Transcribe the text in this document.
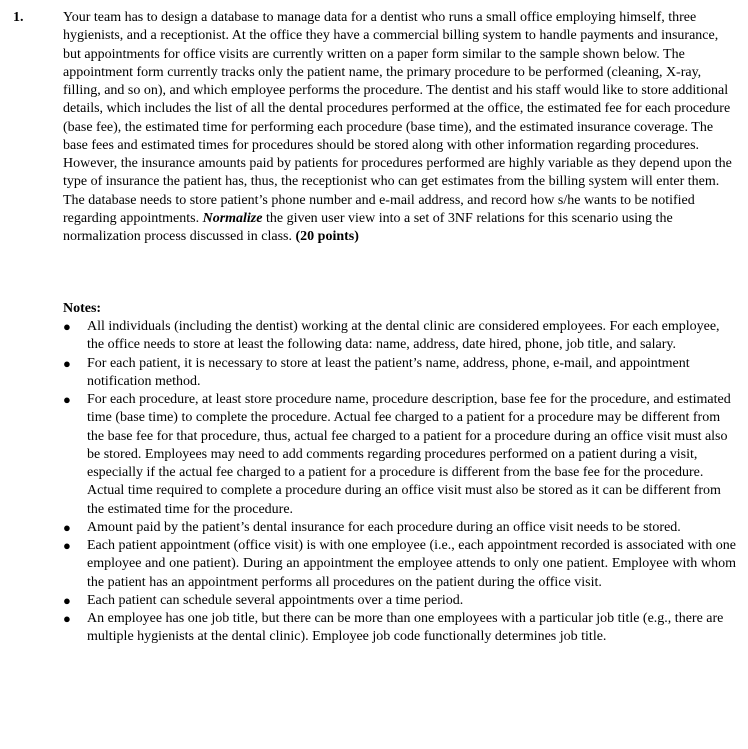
1.	Your team has to design a database to manage data for a dentist who runs a small office employing himself, three hygienists, and a receptionist. At the office they have a commercial billing system to handle payments and insurance, but appointments for office visits are currently written on a paper form similar to the sample shown below. The appointment form currently tracks only the patient name, the primary procedure to be performed (cleaning, X-ray, filling, and so on), and which employee performs the procedure. The dentist and his staff would like to store additional details, which includes the list of all the dental procedures performed at the office, the estimated fee for each procedure (base fee), the estimated time for performing each procedure (base time), and the estimated insurance coverage. The base fees and estimated times for procedures should be stored along with other information regarding procedures. However, the insurance amounts paid by patients for procedures performed are highly variable as they depend upon the type of insurance the patient has, thus, the receptionist who can get estimates from the billing system will enter them. The database needs to store patient’s phone number and e-mail address, and record how s/he wants to be notified regarding appointments. Normalize the given user view into a set of 3NF relations for this scenario using the normalization process discussed in class. (20 points)

Notes:

● All individuals (including the dentist) working at the dental clinic are considered employees. For each employee, the office needs to store at least the following data: name, address, date hired, phone, job title, and salary.
● For each patient, it is necessary to store at least the patient’s name, address, phone, e-mail, and appointment notification method.
● For each procedure, at least store procedure name, procedure description, base fee for the procedure, and estimated time (base time) to complete the procedure. Actual fee charged to a patient for a procedure may be different from the base fee for that procedure, thus, actual fee charged to a patient for a procedure during an office visit must also be stored. Employees may need to add comments regarding procedures performed on a patient during a visit, especially if the actual fee charged to a patient for a procedure is different from the base fee for the procedure. Actual time required to complete a procedure during an office visit must also be stored as it can be different from the estimated time for the procedure.
● Amount paid by the patient’s dental insurance for each procedure during an office visit needs to be stored.
● Each patient appointment (office visit) is with one employee (i.e., each appointment recorded is associated with one employee and one patient). During an appointment the employee attends to only one patient. Employee with whom the patient has an appointment performs all procedures on the patient during the office visit.
● Each patient can schedule several appointments over a time period.
● An employee has one job title, but there can be more than one employees with a particular job title (e.g., there are multiple hygienists at the dental clinic). Employee job code functionally determines job title.
